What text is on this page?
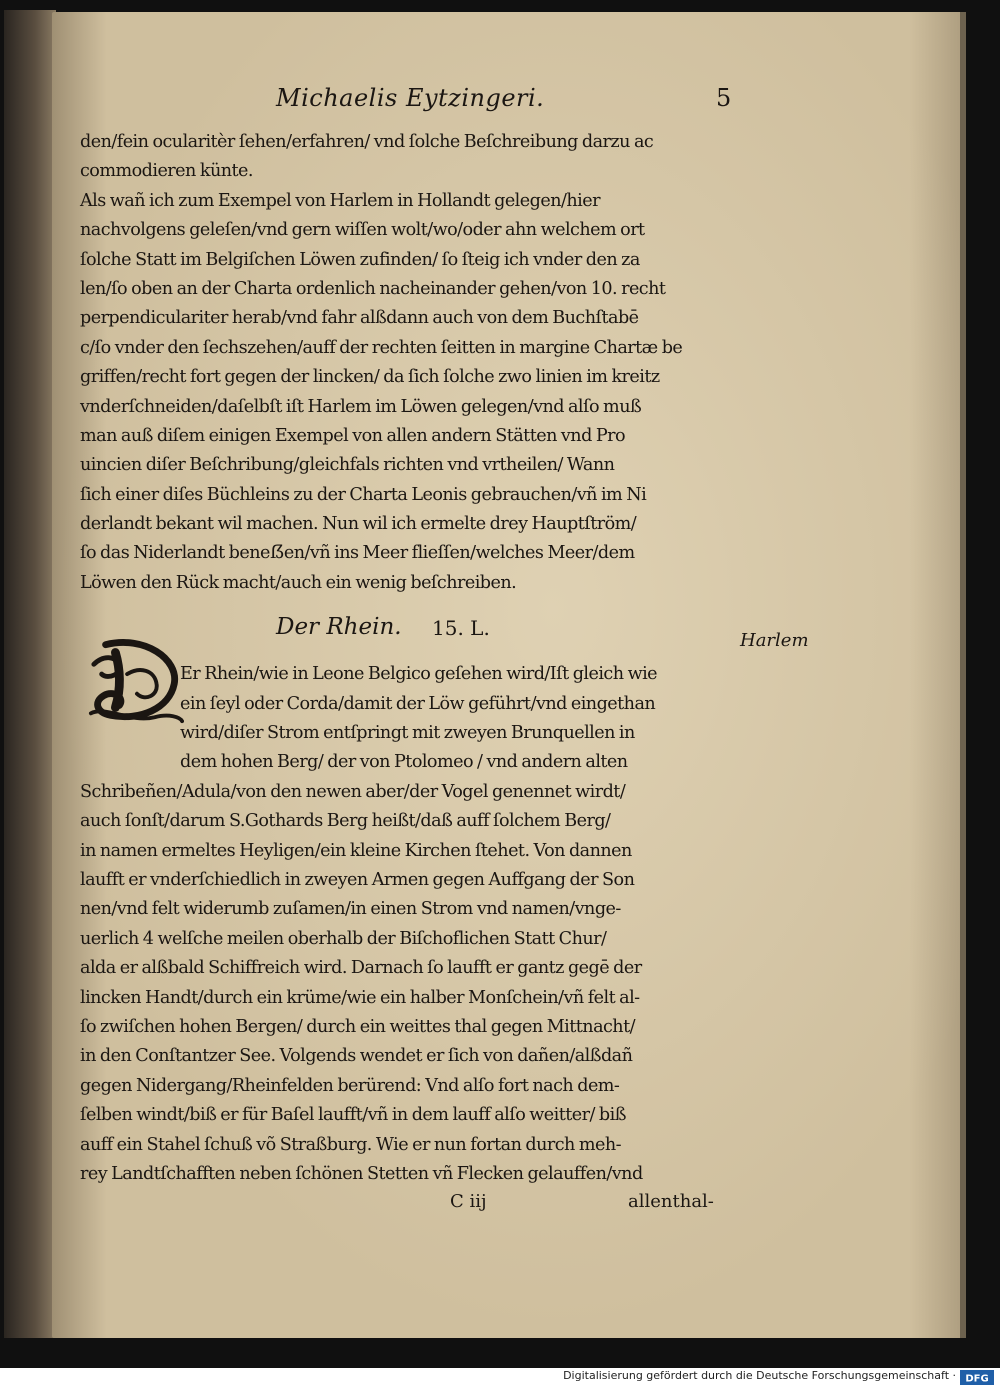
Michaelis Eytzingeri.	5
den/fein ocularitèr ſehen/erfahren/ vnd ſolche Beſchreibung darzu ac
commodieren künte.
Als wañ ich zum Exempel von Harlem in Hollandt gelegen/hier
nachvolgens geleſen/vnd gern wiſſen wolt/wo/oder ahn welchem ort
ſolche Statt im Belgiſchen Löwen zufinden/ ſo ſteig ich vnder den za
len/ſo oben an der Charta ordenlich nacheinander gehen/von 10. recht
perpendiculariter herab/vnd fahr alßdann auch von dem Buchſtabē
c/ſo vnder den ſechszehen/auff der rechten ſeitten in margine Chartæ be
griffen/recht fort gegen der lincken/ da ſich ſolche zwo linien im kreitz
vnderſchneiden/daſelbſt iſt Harlem im Löwen gelegen/vnd alſo muß
man auß diſem einigen Exempel von allen andern Stätten vnd Pro
uincien diſer Beſchribung/gleichfals richten vnd vrtheilen/ Wann
ſich einer diſes Büchleins zu der Charta Leonis gebrauchen/vñ im Ni
derlandt bekant wil machen. Nun wil ich ermelte drey Hauptſtröm/
ſo das Niderlandt beneẞen/vñ ins Meer flieſſen/welches Meer/dem
Löwen den Rück macht/auch ein wenig beſchreiben.
Der Rhein. 15. L.
Er Rhein/wie in Leone Belgico geſehen wird/Iſt gleich wie
ein ſeyl oder Corda/damit der Löw geführt/vnd eingethan
wird/diſer Strom entſpringt mit zweyen Brunquellen in
dem hohen Berg/ der von Ptolomeo / vnd andern alten
Schribeñen/Adula/von den newen aber/der Vogel genennet wirdt/
auch ſonſt/darum S.Gothards Berg heißt/daß auff ſolchem Berg/
in namen ermeltes Heyligen/ein kleine Kirchen ſtehet. Von dannen
laufft er vnderſchiedlich in zweyen Armen gegen Auffgang der Son
nen/vnd felt widerumb zuſamen/in einen Strom vnd namen/vnge-
uerlich 4 welſche meilen oberhalb der Biſchoflichen Statt Chur/
alda er alßbald Schiffreich wird. Darnach ſo laufft er gantz gegē der
lincken Handt/durch ein krüme/wie ein halber Monſchein/vñ felt al-
ſo zwiſchen hohen Bergen/ durch ein weittes thal gegen Mittnacht/
in den Conſtantzer See. Volgends wendet er ſich von dañen/alßdañ
gegen Nidergang/Rheinfelden berürend: Vnd alſo fort nach dem-
ſelben windt/biß er für Baſel laufft/vñ in dem lauff alſo weitter/ biß
auff ein Stahel ſchuß võ Straßburg. Wie er nun fortan durch meh-
rey Landtſchafften neben ſchönen Stetten vñ Flecken gelauffen/vnd
C iij	allenthal-
Harlem
Digitalisierung gefördert durch die Deutsche Forschungsgemeinschaft · DFG
